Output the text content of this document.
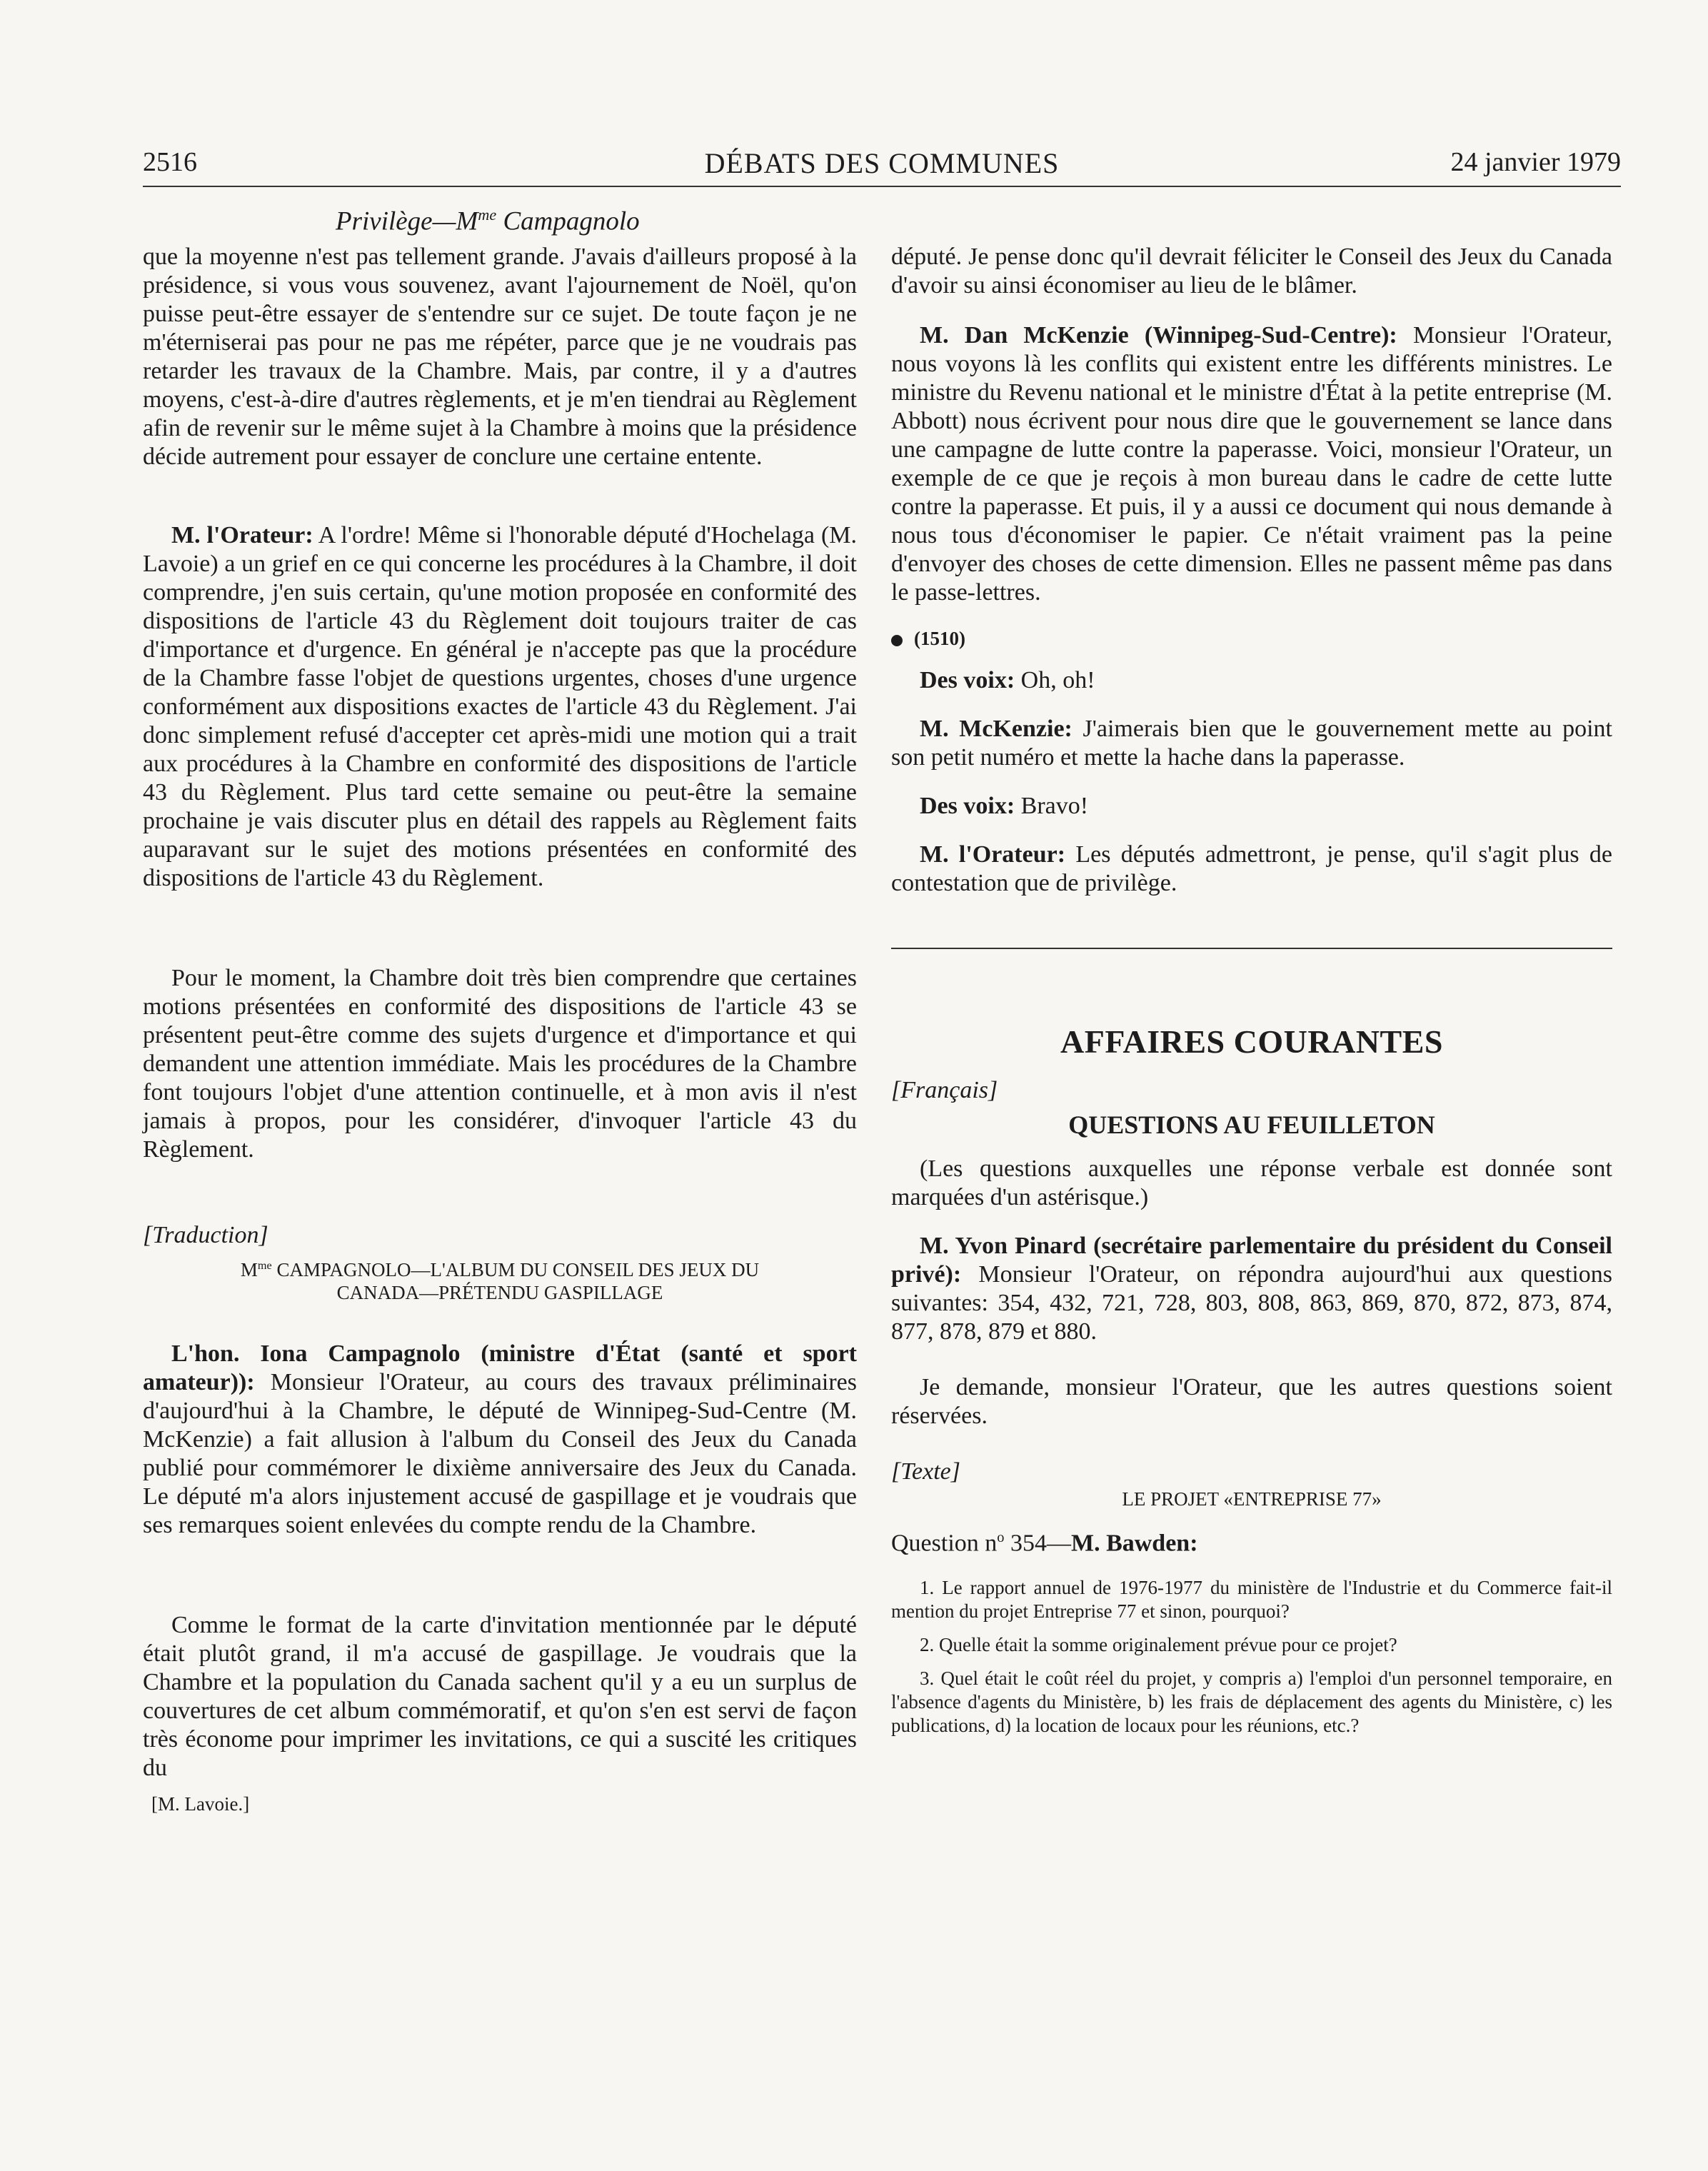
2516	DÉBATS DES COMMUNES	24 janvier 1979
$Privilège—M^{me}$ Campagnolo

que la moyenne n'est pas tellement grande. J'avais d'ailleurs proposé à la présidence, si vous vous souvenez, avant l'ajournement de Noël, qu'on puisse peut-être essayer de s'entendre sur ce sujet. De toute façon je ne m'éterniserai pas pour ne pas me répéter, parce que je ne voudrais pas retarder les travaux de la Chambre. Mais, par contre, il y a d'autres moyens, c'est-à-dire d'autres règlements, et je m'en tiendrai au Règlement afin de revenir sur le même sujet à la Chambre à moins que la présidence décide autrement pour essayer de conclure une certaine entente.

M. l'Orateur: A l'ordre! Même si l'honorable député d'Hochelaga (M. Lavoie) a un grief en ce qui concerne les procédures à la Chambre, il doit comprendre, j'en suis certain, qu'une motion proposée en conformité des dispositions de l'article 43 du Règlement doit toujours traiter de cas d'importance et d'urgence. En général je n'accepte pas que la procédure de la Chambre fasse l'objet de questions urgentes, choses d'une urgence conformément aux dispositions exactes de l'article 43 du Règlement. J'ai donc simplement refusé d'accepter cet après-midi une motion qui a trait aux procédures à la Chambre en conformité des dispositions de l'article 43 du Règlement. Plus tard cette semaine ou peut-être la semaine prochaine je vais discuter plus en détail des rappels au Règlement faits auparavant sur le sujet des motions présentées en conformité des dispositions de l'article 43 du Règlement.

Pour le moment, la Chambre doit très bien comprendre que certaines motions présentées en conformité des dispositions de l'article 43 se présentent peut-être comme des sujets d'urgence et d'importance et qui demandent une attention immédiate. Mais les procédures de la Chambre font toujours l'objet d'une attention continuelle, et à mon avis il n'est jamais à propos, pour les considérer, d'invoquer l'article 43 du Règlement.

[Traduction]

$M^{me}$ CAMPAGNOLO—L'ALBUM DU CONSEIL DES JEUX DU
CANADA—PRÉTENDU GASPILLAGE

L'hon. Iona Campagnolo (ministre d'État (santé et sport amateur)): Monsieur l'Orateur, au cours des travaux préliminaires d'aujourd'hui à la Chambre, le député de Winnipeg-Sud-Centre (M. McKenzie) a fait allusion à l'album du Conseil des Jeux du Canada publié pour commémorer le dixième anniversaire des Jeux du Canada. Le député m'a alors injustement accusé de gaspillage et je voudrais que ses remarques soient enlevées du compte rendu de la Chambre.

Comme le format de la carte d'invitation mentionnée par le député était plutôt grand, il m'a accusé de gaspillage. Je voudrais que la Chambre et la population du Canada sachent qu'il y a eu un surplus de couvertures de cet album commémoratif, et qu'on s'en est servi de façon très économe pour imprimer les invitations, ce qui a suscité les critiques du

[M. Lavoie.]

député. Je pense donc qu'il devrait féliciter le Conseil des Jeux du Canada d'avoir su ainsi économiser au lieu de le blâmer.

M. Dan McKenzie (Winnipeg-Sud-Centre): Monsieur l'Orateur, nous voyons là les conflits qui existent entre les différents ministres. Le ministre du Revenu national et le ministre d'État à la petite entreprise (M. Abbott) nous écrivent pour nous dire que le gouvernement se lance dans une campagne de lutte contre la paperasse. Voici, monsieur l'Orateur, un exemple de ce que je reçois à mon bureau dans le cadre de cette lutte contre la paperasse. Et puis, il y a aussi ce document qui nous demande à nous tous d'économiser le papier. Ce n'était vraiment pas la peine d'envoyer des choses de cette dimension. Elles ne passent même pas dans le passe-lettres.

(1510)

Des voix: Oh, oh!

M. McKenzie: J'aimerais bien que le gouvernement mette au point son petit numéro et mette la hache dans la paperasse.

Des voix: Bravo!

M. l'Orateur: Les députés admettront, je pense, qu'il s'agit plus de contestation que de privilège.

AFFAIRES COURANTES

[Français]

QUESTIONS AU FEUILLETON

(Les questions auxquelles une réponse verbale est donnée sont marquées d'un astérisque.)

M. Yvon Pinard (secrétaire parlementaire du président du Conseil privé): Monsieur l'Orateur, on répondra aujourd'hui aux questions suivantes: 354, 432, 721, 728, 803, 808, 863, 869, 870, 872, 873, 874, 877, 878, 879 et 880.

Je demande, monsieur l'Orateur, que les autres questions soient réservées.

[Texte]

LE PROJET «ENTREPRISE 77»

Question $n^o$ 354—M. Bawden:

1. Le rapport annuel de 1976-1977 du ministère de l'Industrie et du Commerce fait-il mention du projet Entreprise 77 et sinon, pourquoi?

2. Quelle était la somme originalement prévue pour ce projet?

3. Quel était le coût réel du projet, y compris a) l'emploi d'un personnel temporaire, en l'absence d'agents du Ministère, b) les frais de déplacement des agents du Ministère, c) les publications, d) la location de locaux pour les réunions, etc.?
